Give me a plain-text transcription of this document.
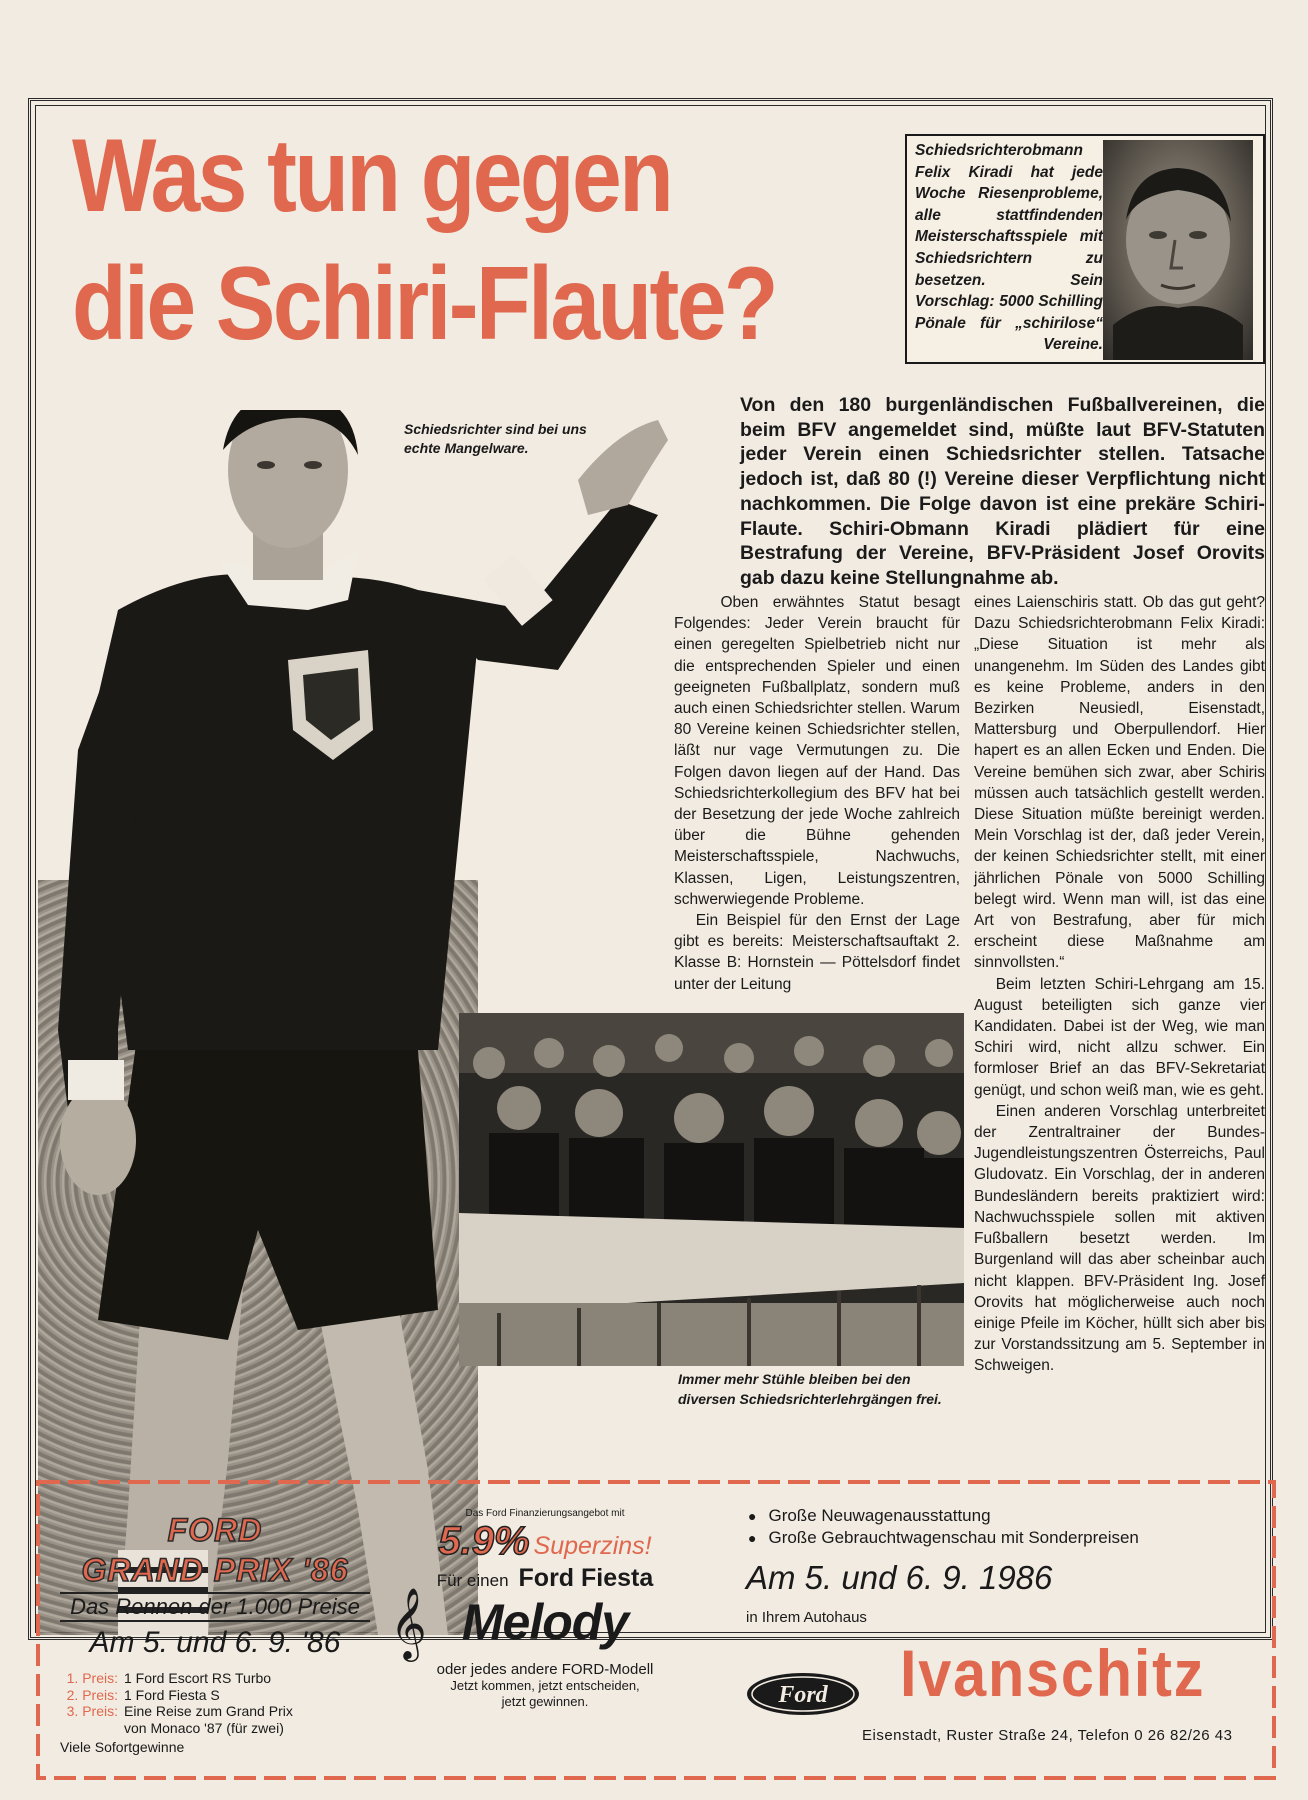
Was tun gegen
die Schiri-Flaute?
Schiedsrichterobmann Felix Kiradi hat jede Woche Riesenprobleme, alle stattfindenden Meisterschaftsspiele mit Schiedsrichtern zu besetzen. Sein Vorschlag: 5000 Schilling Pönale für „schirilose“ Vereine.
Schiedsrichter sind bei uns echte Mangelware.
Von den 180 burgenländischen Fußballvereinen, die beim BFV angemeldet sind, müßte laut BFV-Statuten jeder Verein einen Schiedsrichter stellen. Tatsache jedoch ist, daß 80 (!) Vereine dieser Verpflichtung nicht nachkommen. Die Folge davon ist eine prekäre Schiri-Flaute. Schiri-Obmann Kiradi plädiert für eine Bestrafung der Vereine, BFV-Präsident Josef Orovits gab dazu keine Stellungnahme ab.

Oben erwähntes Statut besagt Folgendes: Jeder Verein braucht für einen geregelten Spielbetrieb nicht nur die entsprechenden Spieler und einen geeigneten Fußballplatz, sondern muß auch einen Schiedsrichter stellen. Warum 80 Vereine keinen Schiedsrichter stellen, läßt nur vage Vermutungen zu. Die Folgen davon liegen auf der Hand. Das Schiedsrichterkollegium des BFV hat bei der Besetzung der jede Woche zahlreich über die Bühne gehenden Meisterschaftsspiele, Nachwuchs, Klassen, Ligen, Leistungszentren, schwerwiegende Probleme.

Ein Beispiel für den Ernst der Lage gibt es bereits: Meisterschaftsauftakt 2. Klasse B: Hornstein — Pöttelsdorf findet unter der Leitung

eines Laienschiris statt. Ob das gut geht? Dazu Schiedsrichterobmann Felix Kiradi: „Diese Situation ist mehr als unangenehm. Im Süden des Landes gibt es keine Probleme, anders in den Bezirken Neusiedl, Eisenstadt, Mattersburg und Oberpullendorf. Hier hapert es an allen Ecken und Enden. Die Vereine bemühen sich zwar, aber Schiris müssen auch tatsächlich gestellt werden. Diese Situation müßte bereinigt werden. Mein Vorschlag ist der, daß jeder Verein, der keinen Schiedsrichter stellt, mit einer jährlichen Pönale von 5000 Schilling belegt wird. Wenn man will, ist das eine Art von Bestrafung, aber für mich erscheint diese Maßnahme am sinnvollsten.“

Beim letzten Schiri-Lehrgang am 15. August beteiligten sich ganze vier Kandidaten. Dabei ist der Weg, wie man Schiri wird, nicht allzu schwer. Ein formloser Brief an das BFV-Sekretariat genügt, und schon weiß man, wie es geht.

Einen anderen Vorschlag unterbreitet der Zentraltrainer der Bundes-Jugendleistungszentren Österreichs, Paul Gludovatz. Ein Vorschlag, der in anderen Bundesländern bereits praktiziert wird: Nachwuchsspiele sollen mit aktiven Fußballern besetzt werden. Im Burgenland will das aber scheinbar auch nicht klappen. BFV-Präsident Ing. Josef Orovits hat möglicherweise auch noch einige Pfeile im Köcher, hüllt sich aber bis zur Vorstandssitzung am 5. September in Schweigen.

Immer mehr Stühle bleiben bei den diversen Schiedsrichterlehrgängen frei.
FORD
GRAND PRIX '86
Das Rennen der 1.000 Preise
Am 5. und 6. 9. '86
1. Preis: 1 Ford Escort RS Turbo
2. Preis: 1 Ford Fiesta S
3. Preis: Eine Reise zum Grand Prix
von Monaco '87 (für zwei)
Viele Sofortgewinne
Das Ford Finanzierungsangebot mit
5.9% Superzins!
Für einen Ford Fiesta
𝄞 Melody
oder jedes andere FORD-Modell
Jetzt kommen, jetzt entscheiden,
jetzt gewinnen.
● Große Neuwagenausstattung
● Große Gebrauchtwagenschau mit Sonderpreisen
Am 5. und 6. 9. 1986
in Ihrem Autohaus
Ford Ivanschitz
Eisenstadt, Ruster Straße 24, Telefon 0 26 82/26 43
